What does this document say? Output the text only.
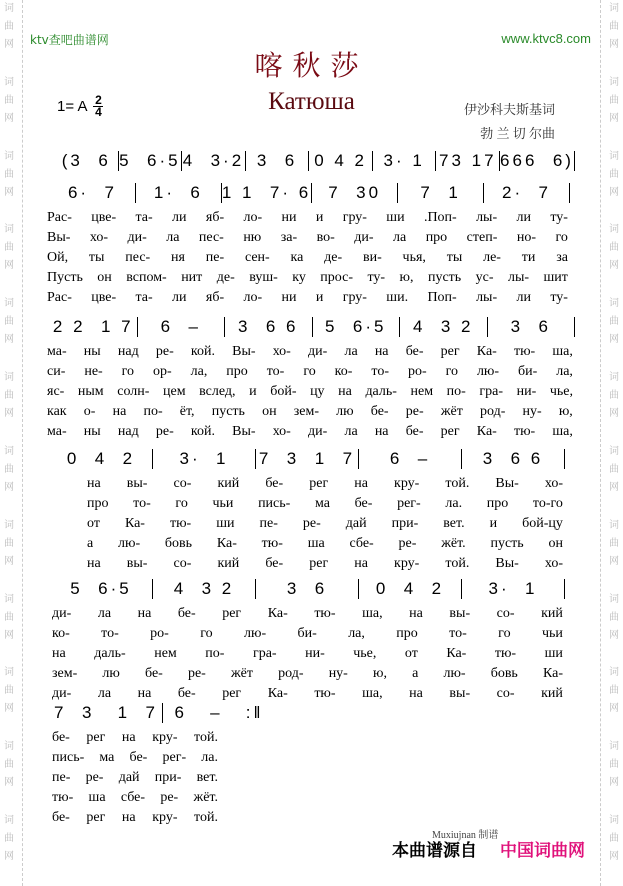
词
曲
网
词
曲
网
词
曲
网
词
曲
网
词
曲
网
词
曲
网
词
曲
网
词
曲
网
词
曲
网
词
曲
网
词
曲
网
词
曲
网
词
曲
网
词
曲
网
词
曲
网
词
曲
网
词
曲
网
词
曲
网
词
曲
网
词
曲
网
词
曲
网
词
曲
网
词
曲
网
词
曲
网
ktv查吧曲谱网	www.ktvc8.com
喀秋莎
Катюша
1= A $\frac{2}{4}$	伊沙科夫斯基词
勃 兰 切 尔曲
(3  6 5  6·5 4  3·2 3  6 0 4 2 3· 1 73 17 666  6)
6·  7	1·  6	1 1  7· 6	7  30	7  1	2·  7
Рас- цве- та- ли яб- ло- ни и гру- ши .Поп- лы- ли ту-
Вы- хо- ди- ла пес- ню за- во- ди- ла про степ- но- го
Ой, ты пес- ня пе- сен- ка де- ви- чья, ты ле- ти за
Пусть он вспом- нит де- вуш- ку прос- ту- ю, пусть ус- лы- шит
Рас- цве- та- ли яб- ло- ни и гру- ши. Поп- лы- ли ту-
2 2  1 7	6  –	3  6 6	5  6·5	4  3 2	3  6
ма- ны над ре- кой. Вы- хо- ди- ла на бе- рег Ка- тю- ша,
си- не- го ор- ла, про то- го ко- то- ро- го лю- би- ла,
яс- ным солн- цем вслед, и бой- цу на даль- нем по- гра- ни- чье,
как о- на по- ёт, пусть он зем- лю бе- ре- жёт род- ну- ю,
ма- ны над ре- кой. Вы- хо- ди- ла на бе- рег Ка- тю- ша,
0  4  2	3·  1	7  3  1  7	6  –	3  6 6
на вы- со- кий бе- рег на кру- той. Вы- хо-
про то- го чьи пись- ма бе- рег- ла. про то-го
от Ка- тю- ши пе- ре- дай при- вет. и бой-цу
а лю- бовь Ка- тю- ша сбе- ре- жёт. пусть он
на вы- со- кий бе- рег на кру- той. Вы- хо-
5  6·5	4  3 2	3  6	0  4  2	3·  1
ди- ла на бе- рег Ка- тю- ша, на вы- со- кий
ко- то- ро- го лю- би- ла, про то- го чьи
на даль- нем по- гра- ни- чье, от Ка- тю- ши
зем- лю бе- ре- жёт род- ну- ю, а лю- бовь Ка-
ди- ла на бе- рег Ка- тю- ша, на вы- со- кий
7  3   1  7 6   –   :‖
бе- рег на кру- той.
пись- ма бе- рег- ла.
пе- ре- дай при- вет.
тю- ша сбе- ре- жёт.
бе- рег на кру- той.
Muxiujnan 制谱
本曲谱源自 中国词曲网
